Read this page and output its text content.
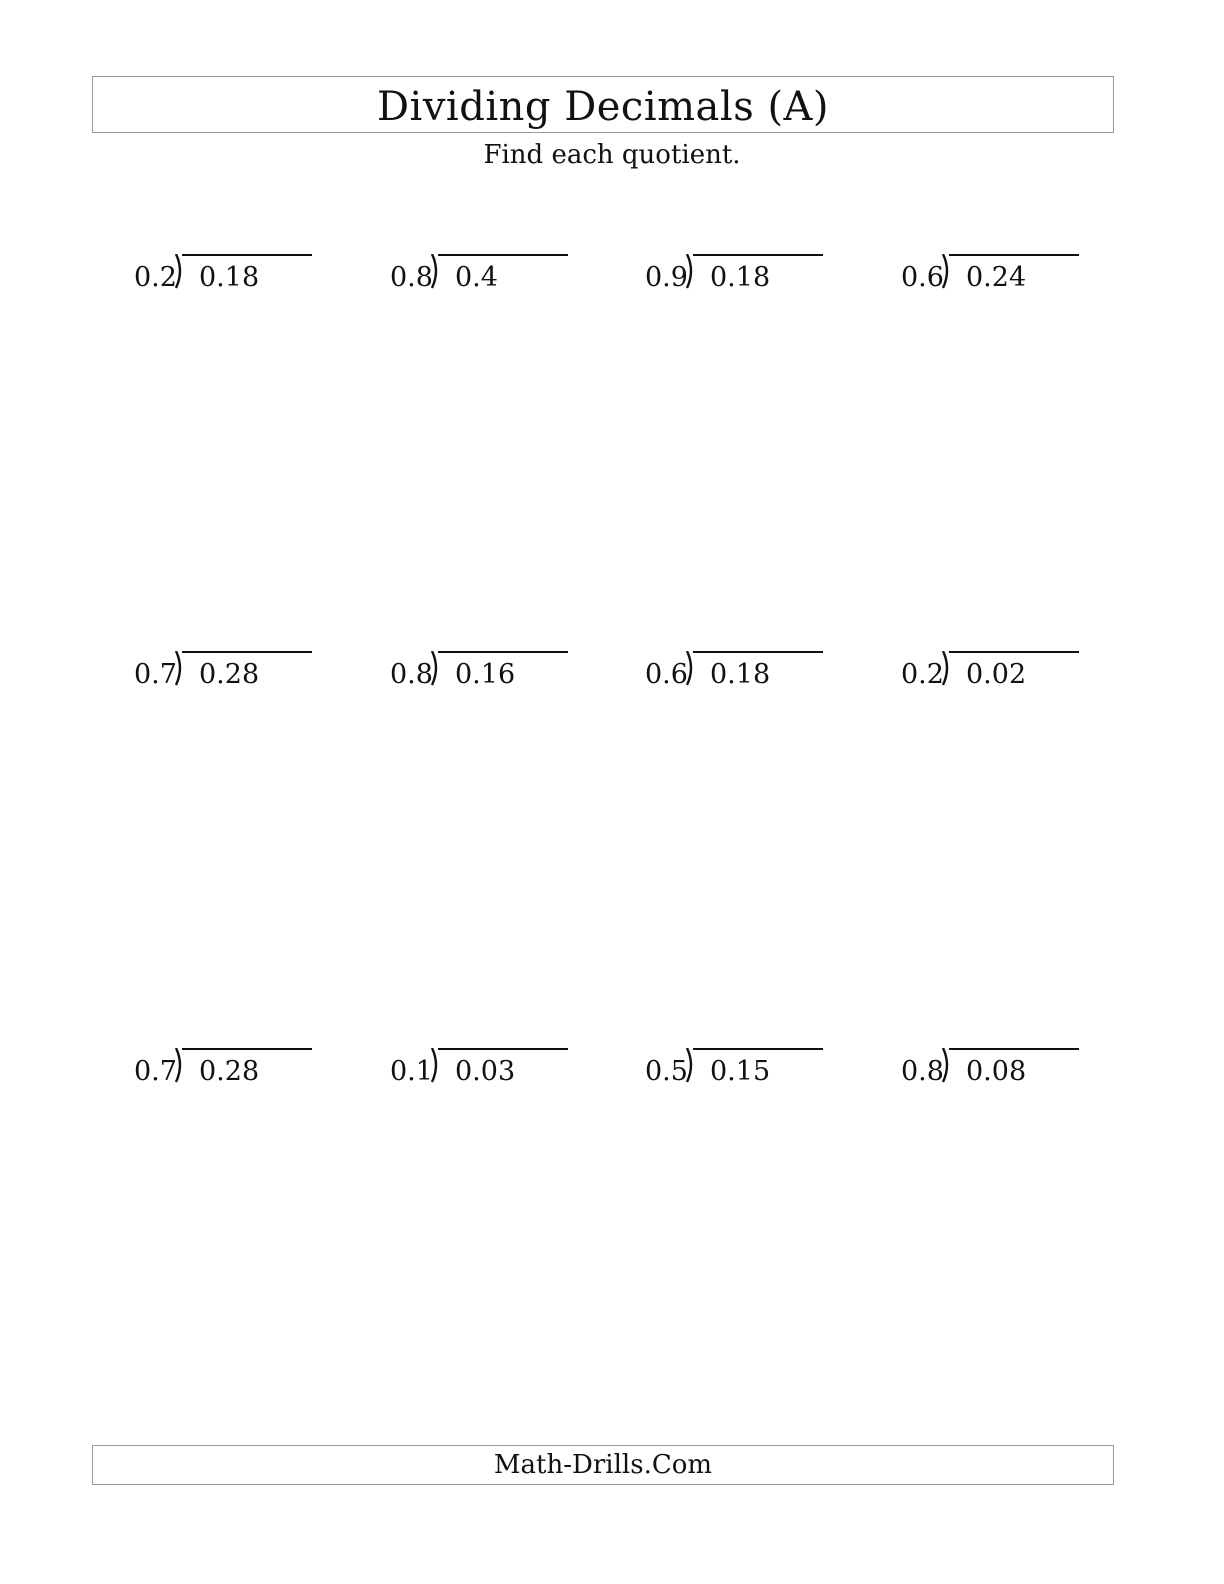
Dividing Decimals (A)
Find each quotient.
0.2 0.18	0.8 0.4	0.9 0.18	0.6 0.24
0.7 0.28	0.8 0.16	0.6 0.18	0.2 0.02
0.7 0.28	0.1 0.03	0.5 0.15	0.8 0.08
Math-Drills.Com
